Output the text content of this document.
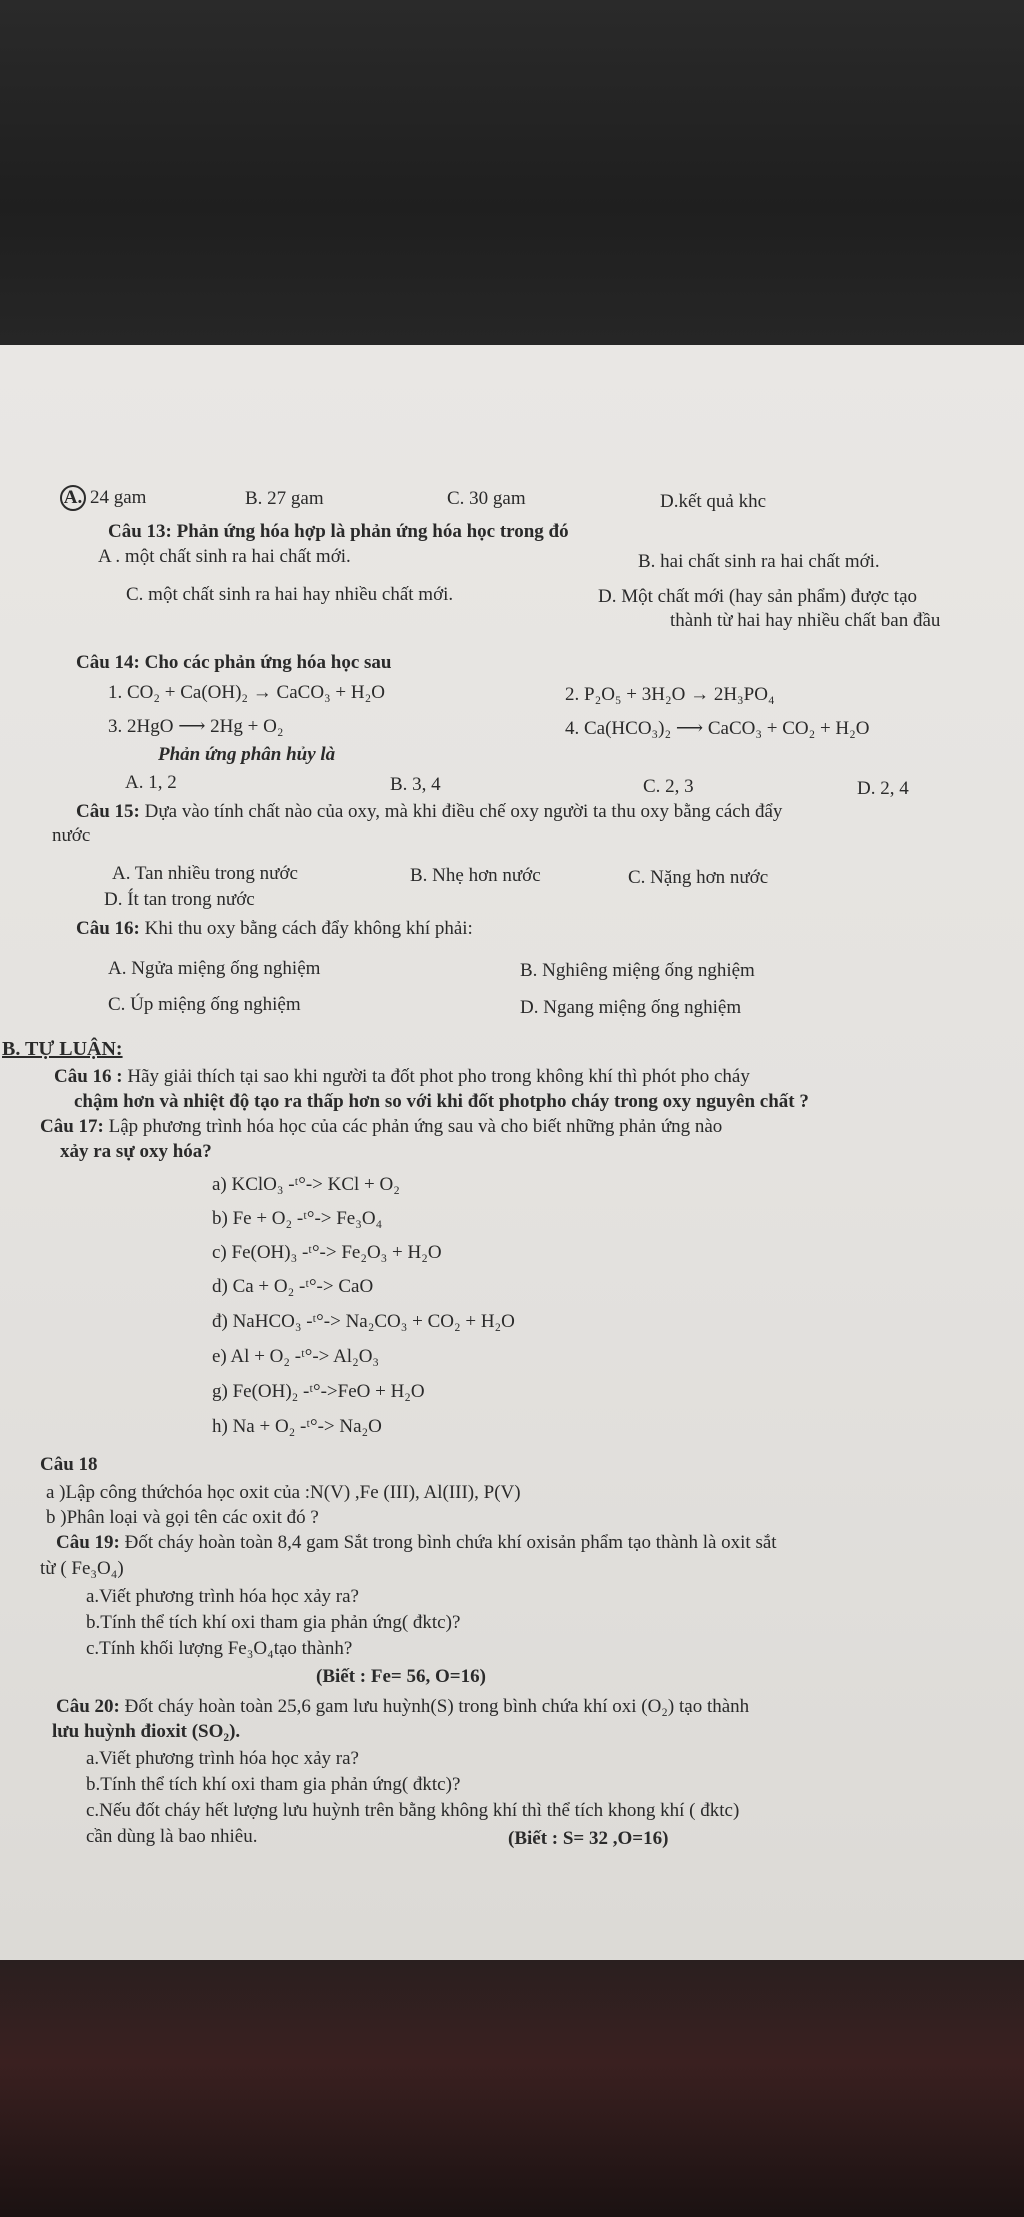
A. 24 gam	B. 27 gam	C. 30 gam	D.kết quả khc
Câu 13: Phản ứng hóa hợp là phản ứng hóa học trong đó
A . một chất sinh ra hai chất mới.	B. hai chất sinh ra hai chất mới.
C. một chất sinh ra hai hay nhiều chất mới.	D. Một chất mới (hay sản phẩm) được tạo
thành từ hai hay nhiều chất ban đầu
Câu 14: Cho các phản ứng hóa học sau
1. CO₂ + Ca(OH)₂ → CaCO₃ + H₂O	2. P₂O₅ + 3H₂O → 2H₃PO₄
3. 2HgO ⟶ 2Hg + O₂	4. Ca(HCO₃)₂ ⟶ CaCO₃ + CO₂ + H₂O
Phản ứng phân hủy là
A. 1, 2	B. 3, 4	C. 2, 3	D. 2, 4
Câu 15: Dựa vào tính chất nào của oxy, mà khi điều chế oxy người ta thu oxy bằng cách đẩy
nước
A. Tan nhiều trong nước	B. Nhẹ hơn nước	C. Nặng hơn nước
D. Ít tan trong nước
Câu 16: Khi thu oxy bằng cách đẩy không khí phải:
A. Ngửa miệng ống nghiệm	B. Nghiêng miệng ống nghiệm
C. Úp miệng ống nghiệm	D. Ngang miệng ống nghiệm
B. TỰ LUẬN:
Câu 16 : Hãy giải thích tại sao khi người ta đốt phot pho trong không khí thì phót pho cháy
chậm hơn và nhiệt độ tạo ra thấp hơn so với khi đốt photpho cháy trong oxy nguyên chất ?
Câu 17: Lập phương trình hóa học của các phản ứng sau và cho biết những phản ứng nào
xảy ra sự oxy hóa?
a) KClO₃ -ᵗ°-> KCl + O₂
b) Fe + O₂ -ᵗ°-> Fe₃O₄
c) Fe(OH)₃ -ᵗ°-> Fe₂O₃ + H₂O
d) Ca + O₂ -ᵗ°-> CaO
đ) NaHCO₃ -ᵗ°-> Na₂CO₃ + CO₂ + H₂O
e) Al + O₂ -ᵗ°-> Al₂O₃
g) Fe(OH)₂ -ᵗ°->FeO + H₂O
h) Na + O₂ -ᵗ°-> Na₂O
Câu 18
a )Lập công thứchóa học oxit của :N(V) ,Fe (III), Al(III), P(V)
b )Phân loại và gọi tên các oxit đó ?
Câu 19: Đốt cháy hoàn toàn 8,4 gam Sắt trong bình chứa khí oxisản phẩm tạo thành là oxit sắt
từ ( Fe₃O₄)
a.Viết phương trình hóa học xảy ra?
b.Tính thể tích khí oxi tham gia phản ứng( đktc)?
c.Tính khối lượng Fe₃O₄tạo thành?
(Biết : Fe= 56, O=16)
Câu 20: Đốt cháy hoàn toàn 25,6 gam lưu huỳnh(S) trong bình chứa khí oxi (O₂) tạo thành
lưu huỳnh đioxit (SO₂).
a.Viết phương trình hóa học xảy ra?
b.Tính thể tích khí oxi tham gia phản ứng( đktc)?
c.Nếu đốt cháy hết lượng lưu huỳnh trên bằng không khí thì thể tích khong khí ( đktc)
cần dùng là bao nhiêu.	(Biết : S= 32 ,O=16)
